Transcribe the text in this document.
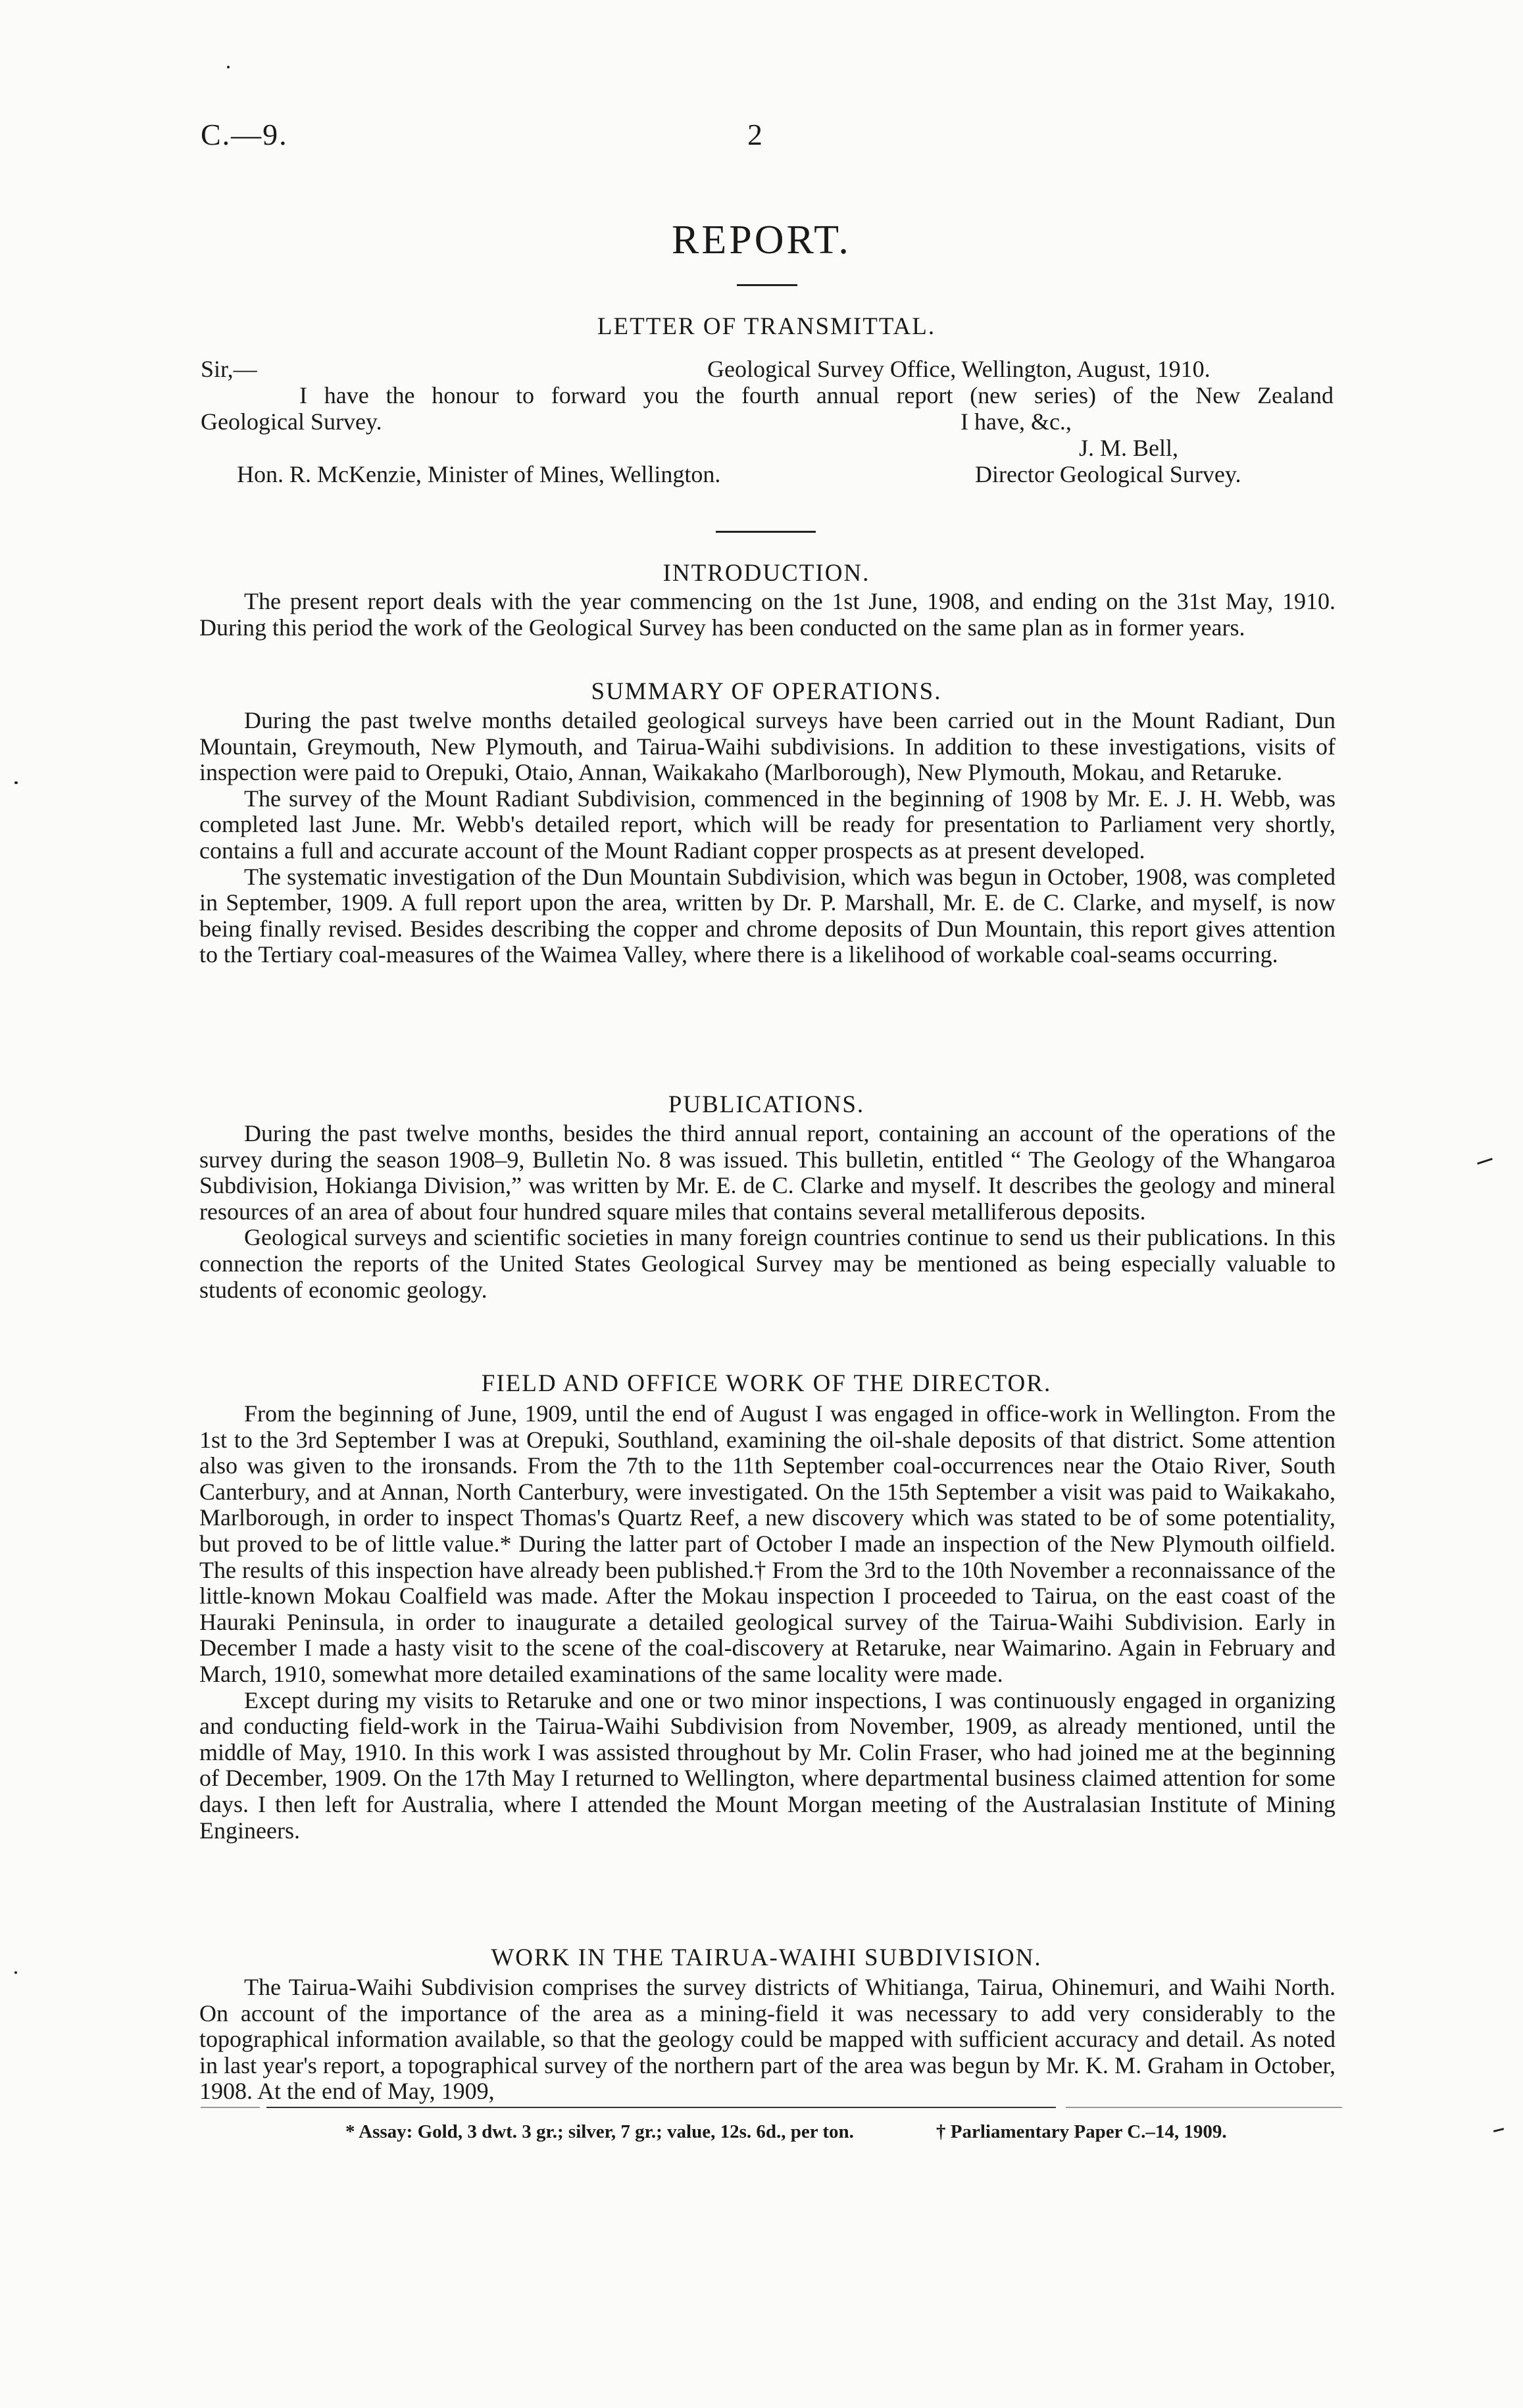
C.—9.	2
REPORT.
LETTER OF TRANSMITTAL.
Sir,—	Geological Survey Office, Wellington, August, 1910.
I have the honour to forward you the fourth annual report (new series) of the New Zealand
Geological Survey.	I have, &c.,
J. M. Bell,
Hon. R. McKenzie, Minister of Mines, Wellington.	Director Geological Survey.
INTRODUCTION.

The present report deals with the year commencing on the 1st June, 1908, and ending on the 31st May, 1910. During this period the work of the Geological Survey has been conducted on the same plan as in former years.

SUMMARY OF OPERATIONS.

During the past twelve months detailed geological surveys have been carried out in the Mount Radiant, Dun Mountain, Greymouth, New Plymouth, and Tairua-Waihi subdivisions. In addition to these investigations, visits of inspection were paid to Orepuki, Otaio, Annan, Waikakaho (Marlborough), New Plymouth, Mokau, and Retaruke.

The survey of the Mount Radiant Subdivision, commenced in the beginning of 1908 by Mr. E. J. H. Webb, was completed last June. Mr. Webb's detailed report, which will be ready for presentation to Parliament very shortly, contains a full and accurate account of the Mount Radiant copper prospects as at present developed.

The systematic investigation of the Dun Mountain Subdivision, which was begun in October, 1908, was completed in September, 1909. A full report upon the area, written by Dr. P. Marshall, Mr. E. de C. Clarke, and myself, is now being finally revised. Besides describing the copper and chrome deposits of Dun Mountain, this report gives attention to the Tertiary coal-measures of the Waimea Valley, where there is a likelihood of workable coal-seams occurring.

PUBLICATIONS.

During the past twelve months, besides the third annual report, containing an account of the operations of the survey during the season 1908–9, Bulletin No. 8 was issued. This bulletin, entitled “ The Geology of the Whangaroa Subdivision, Hokianga Division,” was written by Mr. E. de C. Clarke and myself. It describes the geology and mineral resources of an area of about four hundred square miles that contains several metalliferous deposits.

Geological surveys and scientific societies in many foreign countries continue to send us their publications. In this connection the reports of the United States Geological Survey may be mentioned as being especially valuable to students of economic geology.

FIELD AND OFFICE WORK OF THE DIRECTOR.

From the beginning of June, 1909, until the end of August I was engaged in office-work in Wellington. From the 1st to the 3rd September I was at Orepuki, Southland, examining the oil-shale deposits of that district. Some attention also was given to the ironsands. From the 7th to the 11th September coal-occurrences near the Otaio River, South Canterbury, and at Annan, North Canterbury, were investigated. On the 15th September a visit was paid to Waikakaho, Marlborough, in order to inspect Thomas's Quartz Reef, a new discovery which was stated to be of some potentiality, but proved to be of little value.* During the latter part of October I made an inspection of the New Plymouth oilfield. The results of this inspection have already been published.† From the 3rd to the 10th November a reconnaissance of the little-known Mokau Coalfield was made. After the Mokau inspection I proceeded to Tairua, on the east coast of the Hauraki Peninsula, in order to inaugurate a detailed geological survey of the Tairua-Waihi Subdivision. Early in December I made a hasty visit to the scene of the coal-discovery at Retaruke, near Waimarino. Again in February and March, 1910, somewhat more detailed examinations of the same locality were made.

Except during my visits to Retaruke and one or two minor inspections, I was continuously engaged in organizing and conducting field-work in the Tairua-Waihi Subdivision from November, 1909, as already mentioned, until the middle of May, 1910. In this work I was assisted throughout by Mr. Colin Fraser, who had joined me at the beginning of December, 1909. On the 17th May I returned to Wellington, where departmental business claimed attention for some days. I then left for Australia, where I attended the Mount Morgan meeting of the Australasian Institute of Mining Engineers.

WORK IN THE TAIRUA-WAIHI SUBDIVISION.

The Tairua-Waihi Subdivision comprises the survey districts of Whitianga, Tairua, Ohinemuri, and Waihi North. On account of the importance of the area as a mining-field it was necessary to add very considerably to the topographical information available, so that the geology could be mapped with sufficient accuracy and detail. As noted in last year's report, a topographical survey of the northern part of the area was begun by Mr. K. M. Graham in October, 1908. At the end of May, 1909,

* Assay: Gold, 3 dwt. 3 gr.; silver, 7 gr.; value, 12s. 6d., per ton.	† Parliamentary Paper C.–14, 1909.
